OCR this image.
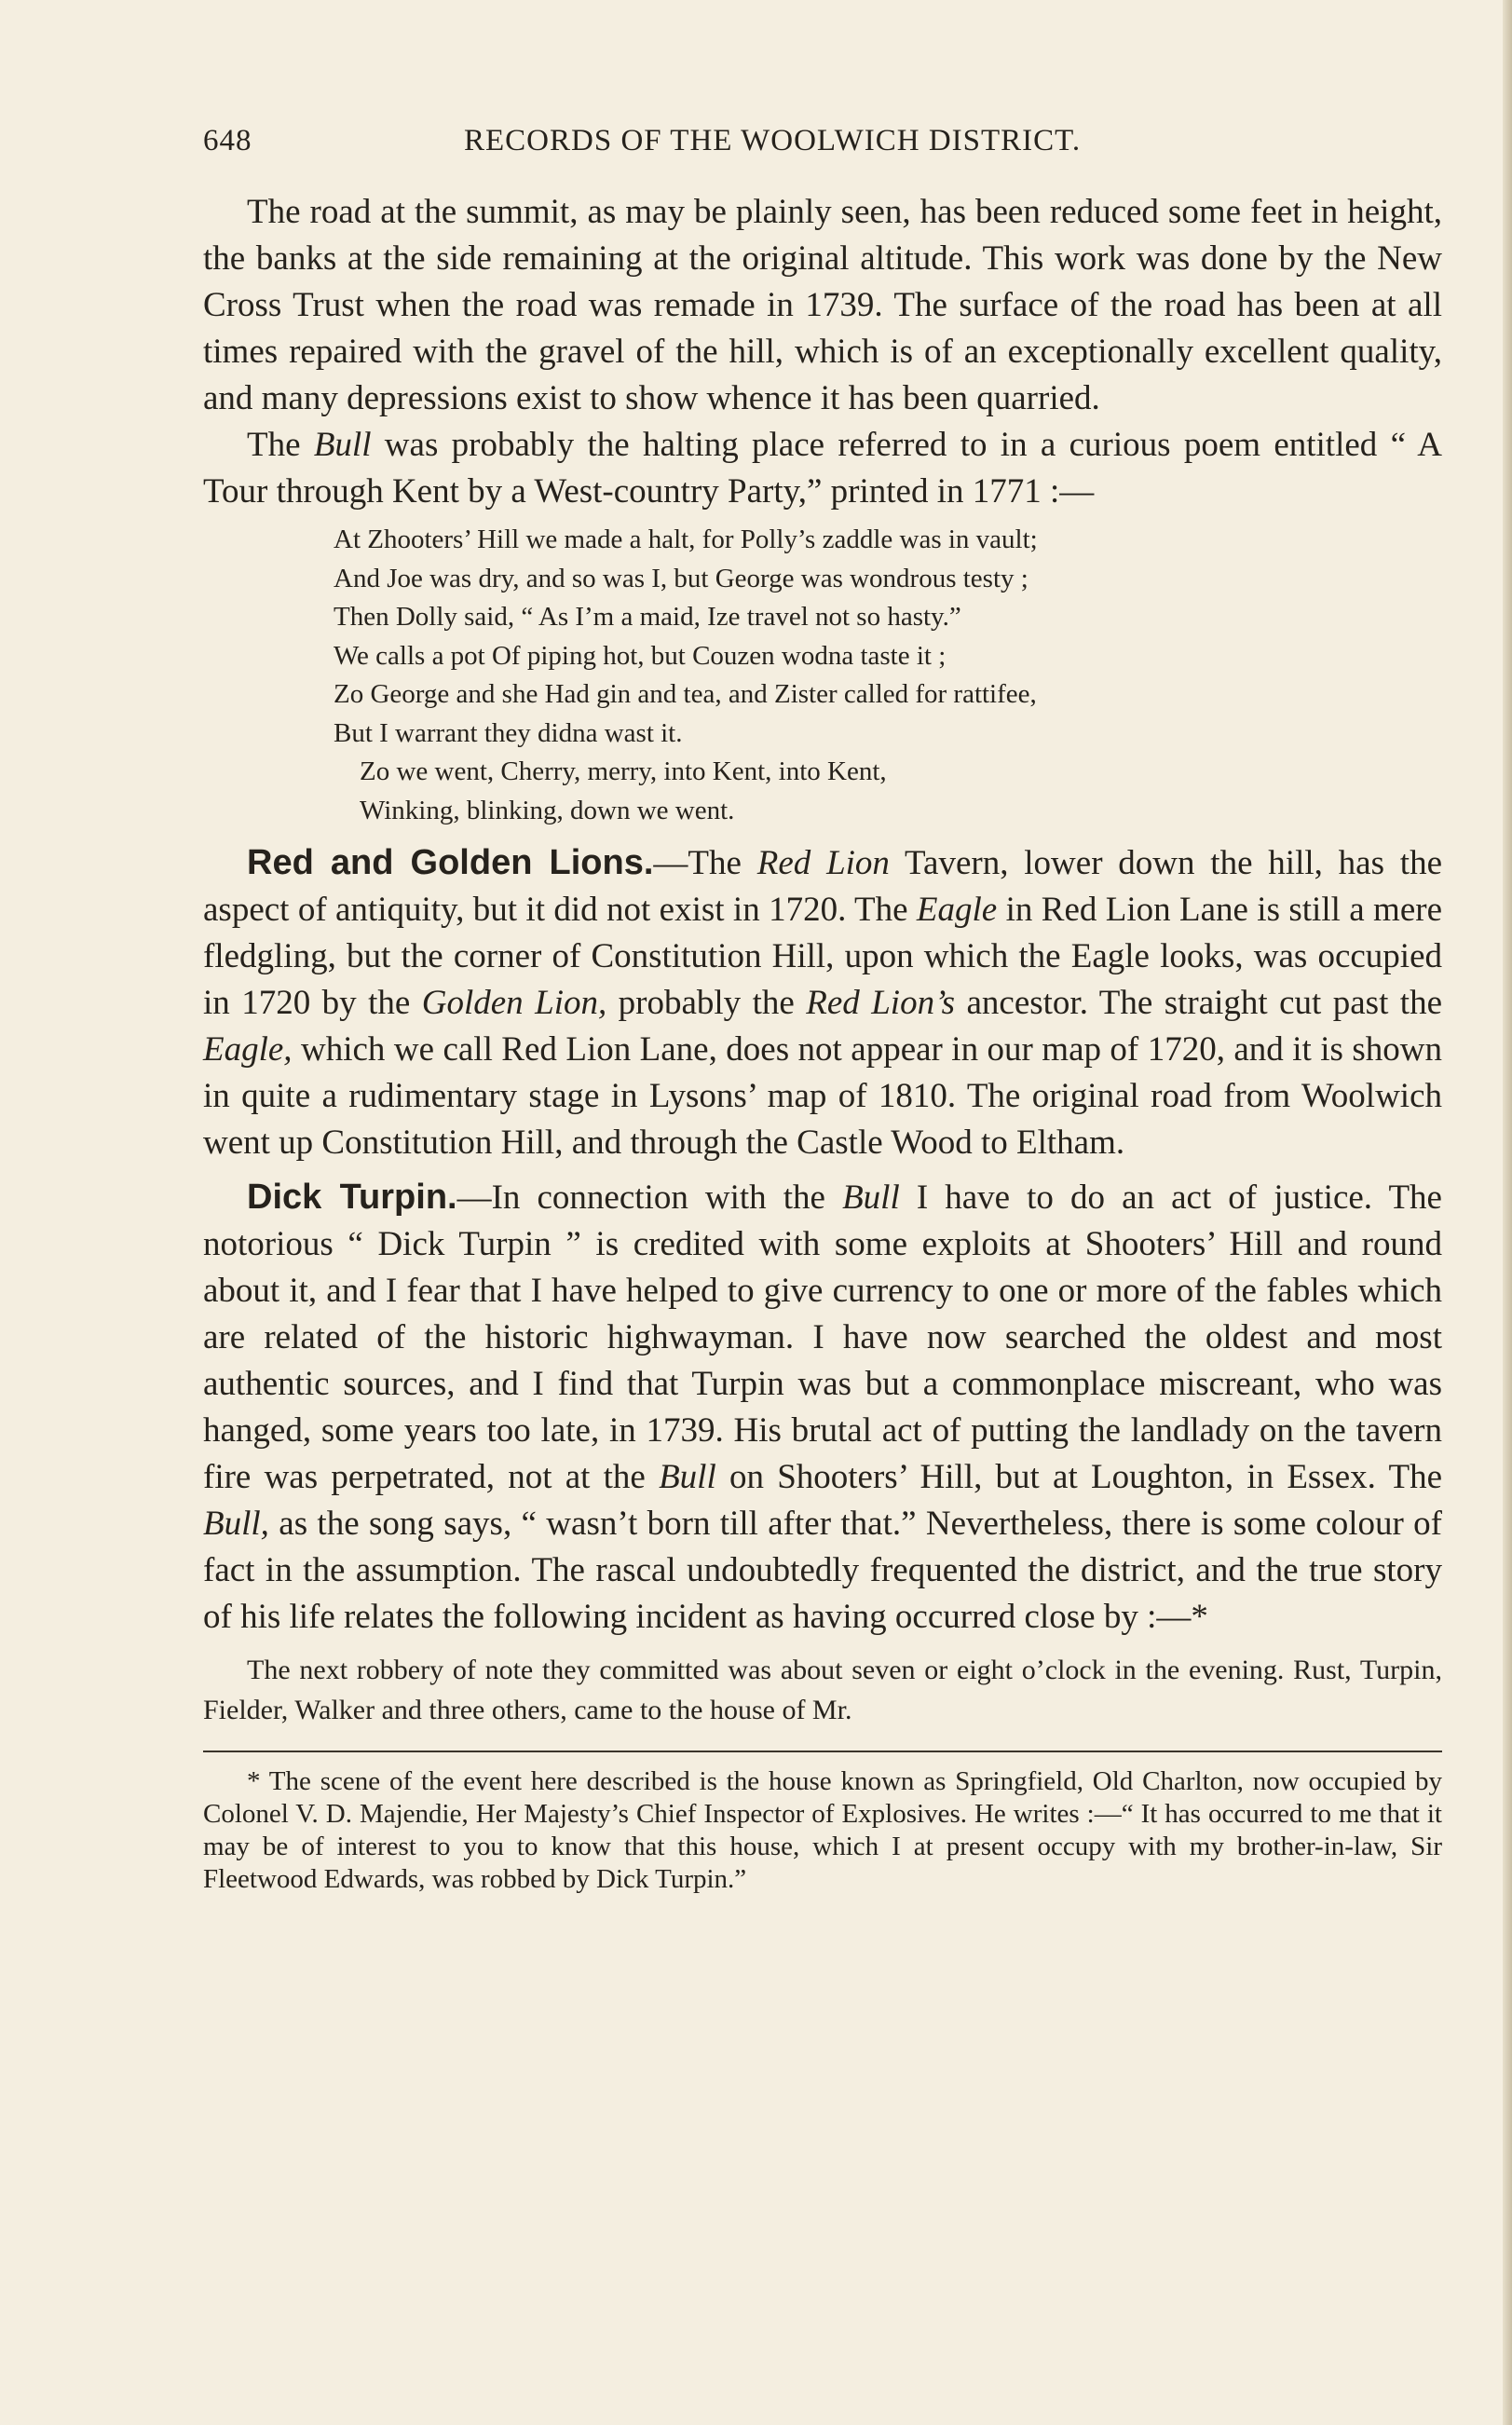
648	RECORDS OF THE WOOLWICH DISTRICT.

The road at the summit, as may be plainly seen, has been reduced some feet in height, the banks at the side remaining at the original altitude. This work was done by the New Cross Trust when the road was remade in 1739. The surface of the road has been at all times repaired with the gravel of the hill, which is of an exceptionally excellent quality, and many depressions exist to show whence it has been quarried.

The Bull was probably the halting place referred to in a curious poem entitled “ A Tour through Kent by a West-country Party,” printed in 1771 :—

At Zhooters’ Hill we made a halt, for Polly’s zaddle was in vault;
And Joe was dry, and so was I, but George was wondrous testy ;
Then Dolly said, “ As I’m a maid, Ize travel not so hasty.”
We calls a pot Of piping hot, but Couzen wodna taste it ;
Zo George and she Had gin and tea, and Zister called for rattifee,
But I warrant they didna wast it.
Zo we went, Cherry, merry, into Kent, into Kent,
Winking, blinking, down we went.

Red and Golden Lions.—The Red Lion Tavern, lower down the hill, has the aspect of antiquity, but it did not exist in 1720. The Eagle in Red Lion Lane is still a mere fledgling, but the corner of Constitution Hill, upon which the Eagle looks, was occupied in 1720 by the Golden Lion, probably the Red Lion’s ancestor. The straight cut past the Eagle, which we call Red Lion Lane, does not appear in our map of 1720, and it is shown in quite a rudimentary stage in Lysons’ map of 1810. The original road from Woolwich went up Constitution Hill, and through the Castle Wood to Eltham.

Dick Turpin.—In connection with the Bull I have to do an act of justice. The notorious “ Dick Turpin ” is credited with some exploits at Shooters’ Hill and round about it, and I fear that I have helped to give currency to one or more of the fables which are related of the historic highwayman. I have now searched the oldest and most authentic sources, and I find that Turpin was but a commonplace miscreant, who was hanged, some years too late, in 1739. His brutal act of putting the landlady on the tavern fire was perpetrated, not at the Bull on Shooters’ Hill, but at Loughton, in Essex. The Bull, as the song says, “ wasn’t born till after that.” Nevertheless, there is some colour of fact in the assumption. The rascal undoubtedly frequented the district, and the true story of his life relates the following incident as having occurred close by :—*

The next robbery of note they committed was about seven or eight o’clock in the evening. Rust, Turpin, Fielder, Walker and three others, came to the house of Mr.

* The scene of the event here described is the house known as Springfield, Old Charlton, now occupied by Colonel V. D. Majendie, Her Majesty’s Chief Inspector of Explosives. He writes :—“ It has occurred to me that it may be of interest to you to know that this house, which I at present occupy with my brother-in-law, Sir Fleetwood Edwards, was robbed by Dick Turpin.”
